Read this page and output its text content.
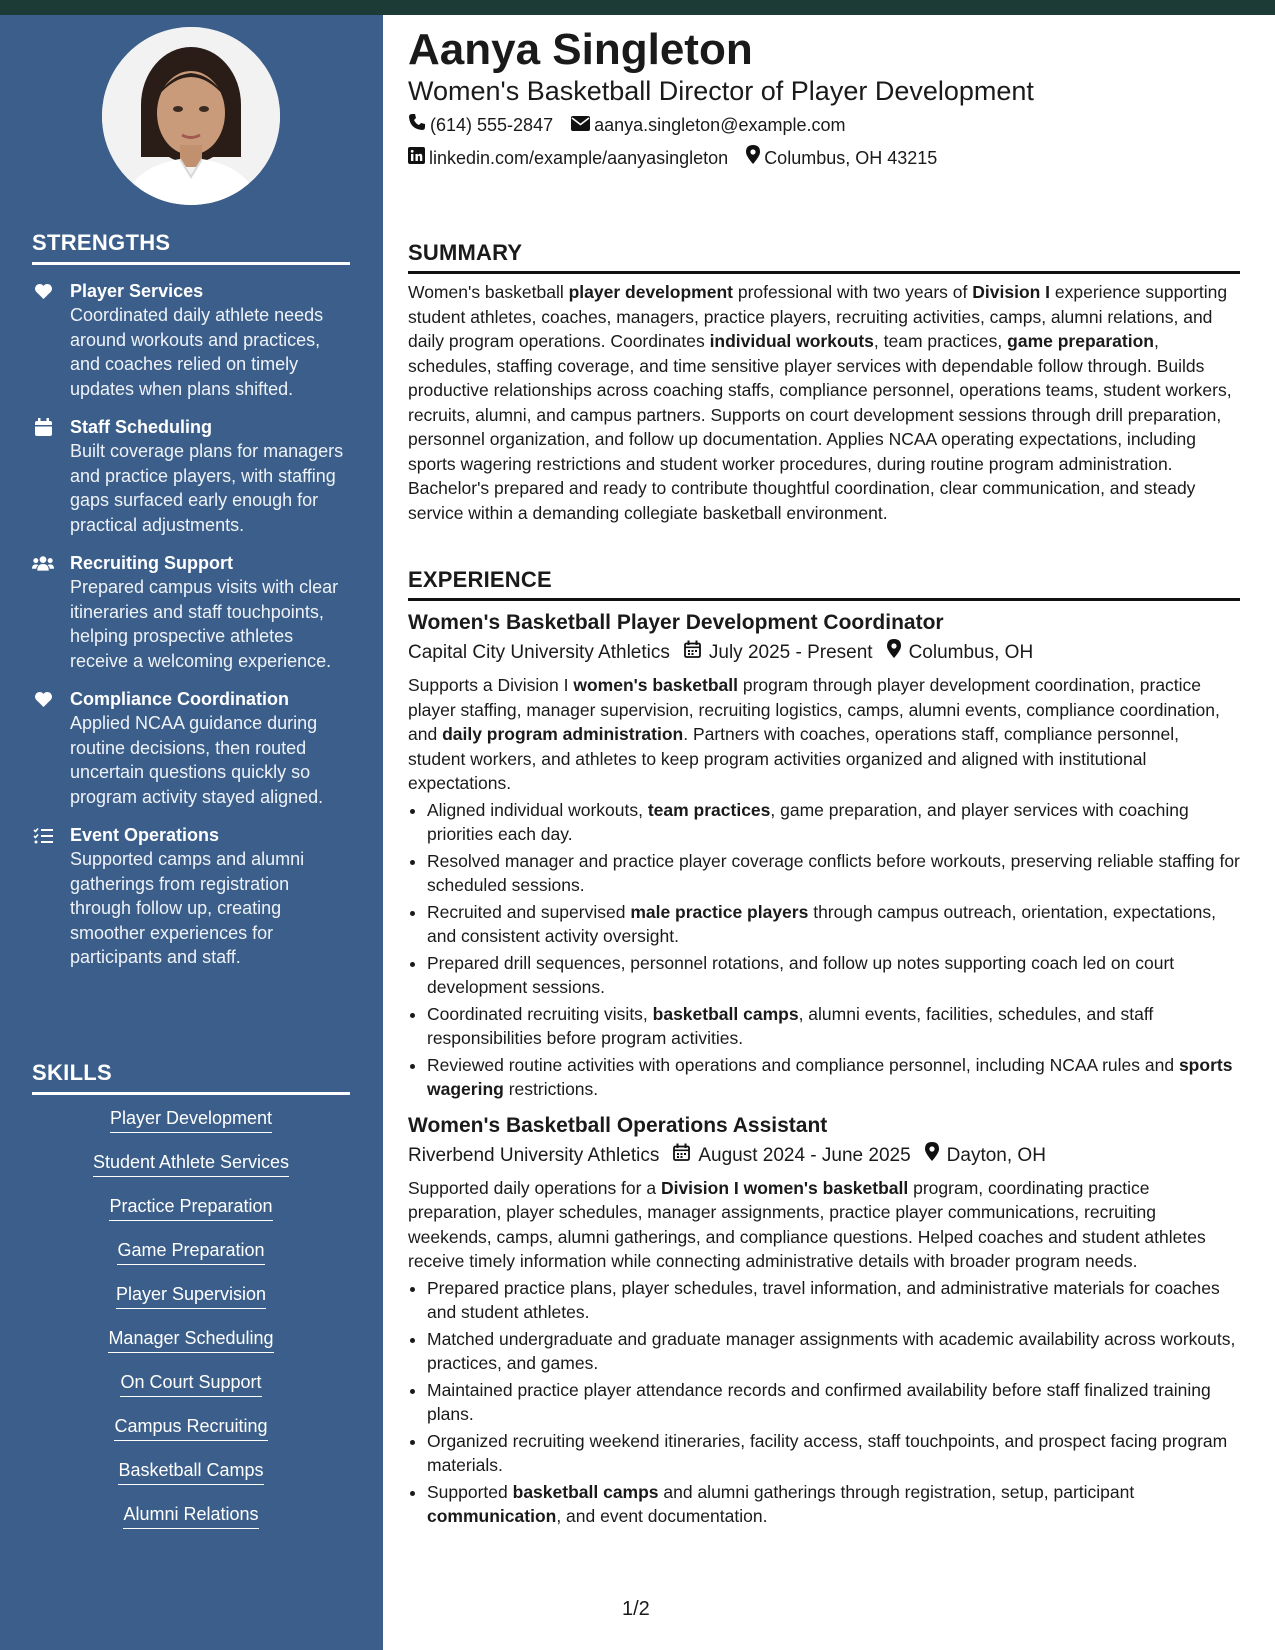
STRENGTHS
Player Services
Coordinated daily athlete needs around workouts and practices, and coaches relied on timely updates when plans shifted.
Staff Scheduling
Built coverage plans for managers and practice players, with staffing gaps surfaced early enough for practical adjustments.
Recruiting Support
Prepared campus visits with clear itineraries and staff touchpoints, helping prospective athletes receive a welcoming experience.
Compliance Coordination
Applied NCAA guidance during routine decisions, then routed uncertain questions quickly so program activity stayed aligned.
Event Operations
Supported camps and alumni gatherings from registration through follow up, creating smoother experiences for participants and staff.
SKILLS
Player Development
Student Athlete Services
Practice Preparation
Game Preparation
Player Supervision
Manager Scheduling
On Court Support
Campus Recruiting
Basketball Camps
Alumni Relations
Aanya Singleton
Women's Basketball Director of Player Development
(614) 555-2847 aanya.singleton@example.com
linkedin.com/example/aanyasingleton Columbus, OH 43215
SUMMARY

Women's basketball player development professional with two years of Division I experience supporting student athletes, coaches, managers, practice players, recruiting activities, camps, alumni relations, and daily program operations. Coordinates individual workouts, team practices, game preparation, schedules, staffing coverage, and time sensitive player services with dependable follow through. Builds productive relationships across coaching staffs, compliance personnel, operations teams, student workers, recruits, alumni, and campus partners. Supports on court development sessions through drill preparation, personnel organization, and follow up documentation. Applies NCAA operating expectations, including sports wagering restrictions and student worker procedures, during routine program administration. Bachelor's prepared and ready to contribute thoughtful coordination, clear communication, and steady service within a demanding collegiate basketball environment.

EXPERIENCE
Women's Basketball Player Development Coordinator
Capital City University Athletics July 2025 - Present Columbus, OH

Supports a Division I women's basketball program through player development coordination, practice player staffing, manager supervision, recruiting logistics, camps, alumni events, compliance coordination, and daily program administration. Partners with coaches, operations staff, compliance personnel, student workers, and athletes to keep program activities organized and aligned with institutional expectations.

• Aligned individual workouts, team practices, game preparation, and player services with coaching priorities each day.
• Resolved manager and practice player coverage conflicts before workouts, preserving reliable staffing for scheduled sessions.
• Recruited and supervised male practice players through campus outreach, orientation, expectations, and consistent activity oversight.
• Prepared drill sequences, personnel rotations, and follow up notes supporting coach led on court development sessions.
• Coordinated recruiting visits, basketball camps, alumni events, facilities, schedules, and staff responsibilities before program activities.
• Reviewed routine activities with operations and compliance personnel, including NCAA rules and sports wagering restrictions.
Women's Basketball Operations Assistant
Riverbend University Athletics August 2024 - June 2025 Dayton, OH

Supported daily operations for a Division I women's basketball program, coordinating practice preparation, player schedules, manager assignments, practice player communications, recruiting weekends, camps, alumni gatherings, and compliance questions. Helped coaches and student athletes receive timely information while connecting administrative details with broader program needs.

• Prepared practice plans, player schedules, travel information, and administrative materials for coaches and student athletes.
• Matched undergraduate and graduate manager assignments with academic availability across workouts, practices, and games.
• Maintained practice player attendance records and confirmed availability before staff finalized training plans.
• Organized recruiting weekend itineraries, facility access, staff touchpoints, and prospect facing program materials.
• Supported basketball camps and alumni gatherings through registration, setup, participant communication, and event documentation.
1/2
